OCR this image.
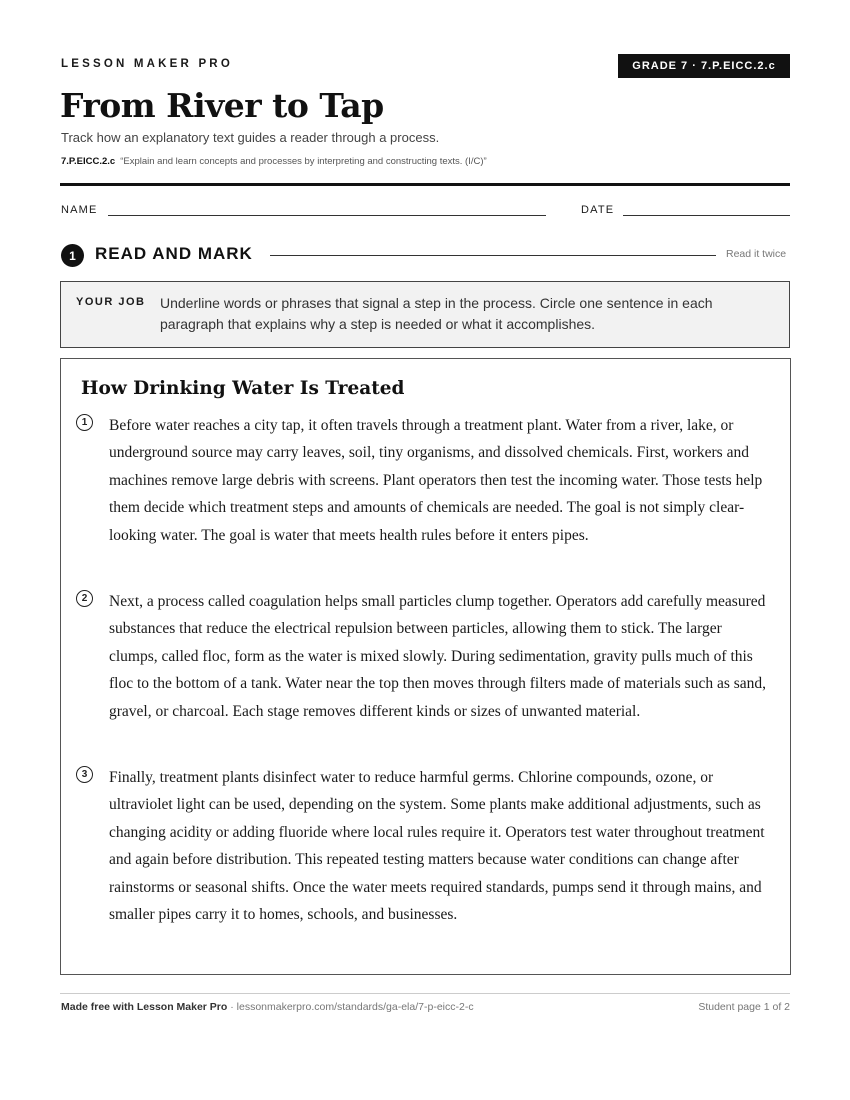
LESSON MAKER PRO	GRADE 7 · 7.P.EICC.2.c
From River to Tap
Track how an explanatory text guides a reader through a process.
7.P.EICC.2.c “Explain and learn concepts and processes by interpreting and constructing texts. (I/C)”
NAME	DATE
1	READ AND MARK	Read it twice
YOUR JOB Underline words or phrases that signal a step in the process. Circle one sentence in each paragraph that explains why a step is needed or what it accomplishes.
How Drinking Water Is Treated
1	Before water reaches a city tap, it often travels through a treatment plant. Water from a river, lake, or underground source may carry leaves, soil, tiny organisms, and dissolved chemicals. First, workers and machines remove large debris with screens. Plant operators then test the incoming water. Those tests help them decide which treatment steps and amounts of chemicals are needed. The goal is not simply clear-looking water. The goal is water that meets health rules before it enters pipes.

2	Next, a process called coagulation helps small particles clump together. Operators add carefully measured substances that reduce the electrical repulsion between particles, allowing them to stick. The larger clumps, called floc, form as the water is mixed slowly. During sedimentation, gravity pulls much of this floc to the bottom of a tank. Water near the top then moves through filters made of materials such as sand, gravel, or charcoal. Each stage removes different kinds or sizes of unwanted material.

3	Finally, treatment plants disinfect water to reduce harmful germs. Chlorine compounds, ozone, or ultraviolet light can be used, depending on the system. Some plants make additional adjustments, such as changing acidity or adding fluoride where local rules require it. Operators test water throughout treatment and again before distribution. This repeated testing matters because water conditions can change after rainstorms or seasonal shifts. Once the water meets required standards, pumps send it through mains, and smaller pipes carry it to homes, schools, and businesses.

Made free with Lesson Maker Pro · lessonmakerpro.com/standards/ga-ela/7-p-eicc-2-c	Student page 1 of 2
